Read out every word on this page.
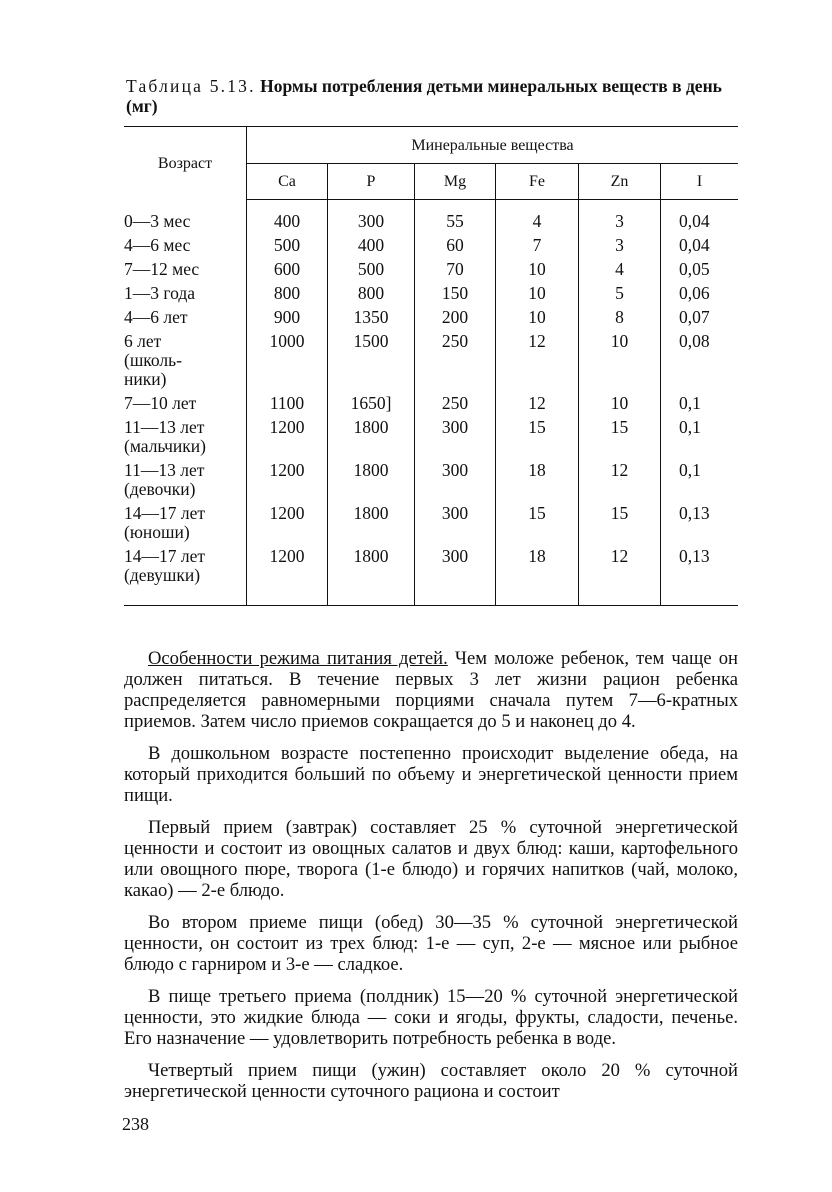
Таблица 5.13. Нормы потребления детьми минеральных веществ в день (мг)
Возраст	Минеральные вещества					
	Ca	P	Mg	Fe	Zn	I

0—3 мес	400	300	55	4	3	0,04

4—6 мес	500	400	60	7	3	0,04

7—12 мес	600	500	70	10	4	0,05

1—3 года	800	800	150	10	5	0,06

4—6 лет	900	1350	200	10	8	0,07

6 лет
(школь-
ники)	1000	1500	250	12	10	0,08

7—10 лет	1100	1650]	250	12	10	0,1

11—13 лет
(мальчики)	1200	1800	300	15	15	0,1

11—13 лет
(девочки)	1200	1800	300	18	12	0,1

14—17 лет
(юноши)	1200	1800	300	15	15	0,13

14—17 лет
(девушки)	1200	1800	300	18	12	0,13

Особенности режима питания детей. Чем моложе ребенок, тем чаще он должен питаться. В течение первых 3 лет жизни рацион ребенка распределяется равномерными порциями сначала путем 7—6-кратных приемов. Затем число приемов сокращается до 5 и наконец до 4.

В дошкольном возрасте постепенно происходит выделение обеда, на который приходится больший по объему и энергетической ценности прием пищи.

Первый прием (завтрак) составляет 25 % суточной энергетической ценности и состоит из овощных салатов и двух блюд: каши, картофельного или овощного пюре, творога (1-е блюдо) и горячих напитков (чай, молоко, какао) — 2-е блюдо.

Во втором приеме пищи (обед) 30—35 % суточной энергетической ценности, он состоит из трех блюд: 1-е — суп, 2-е — мясное или рыбное блюдо с гарниром и 3-е — сладкое.

В пище третьего приема (полдник) 15—20 % суточной энергетической ценности, это жидкие блюда — соки и ягоды, фрукты, сладости, печенье. Его назначение — удовлетворить потребность ребенка в воде.

Четвертый прием пищи (ужин) составляет около 20 % суточной энергетической ценности суточного рациона и состоит

238
